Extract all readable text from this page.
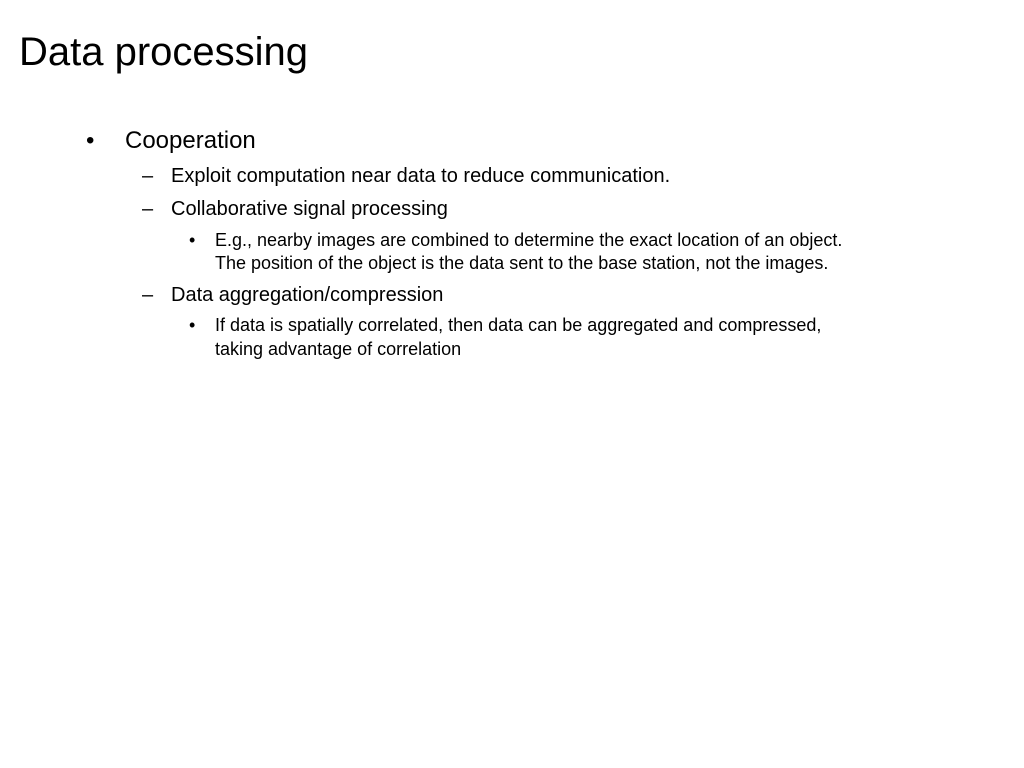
Data processing
• Cooperation
– Exploit computation near data to reduce communication.
– Collaborative signal processing
• E.g., nearby images are combined to determine the exact location of an object.
The position of the object is the data sent to the base station, not the images.
– Data aggregation/compression
• If data is spatially correlated, then data can be aggregated and compressed,
taking advantage of correlation
